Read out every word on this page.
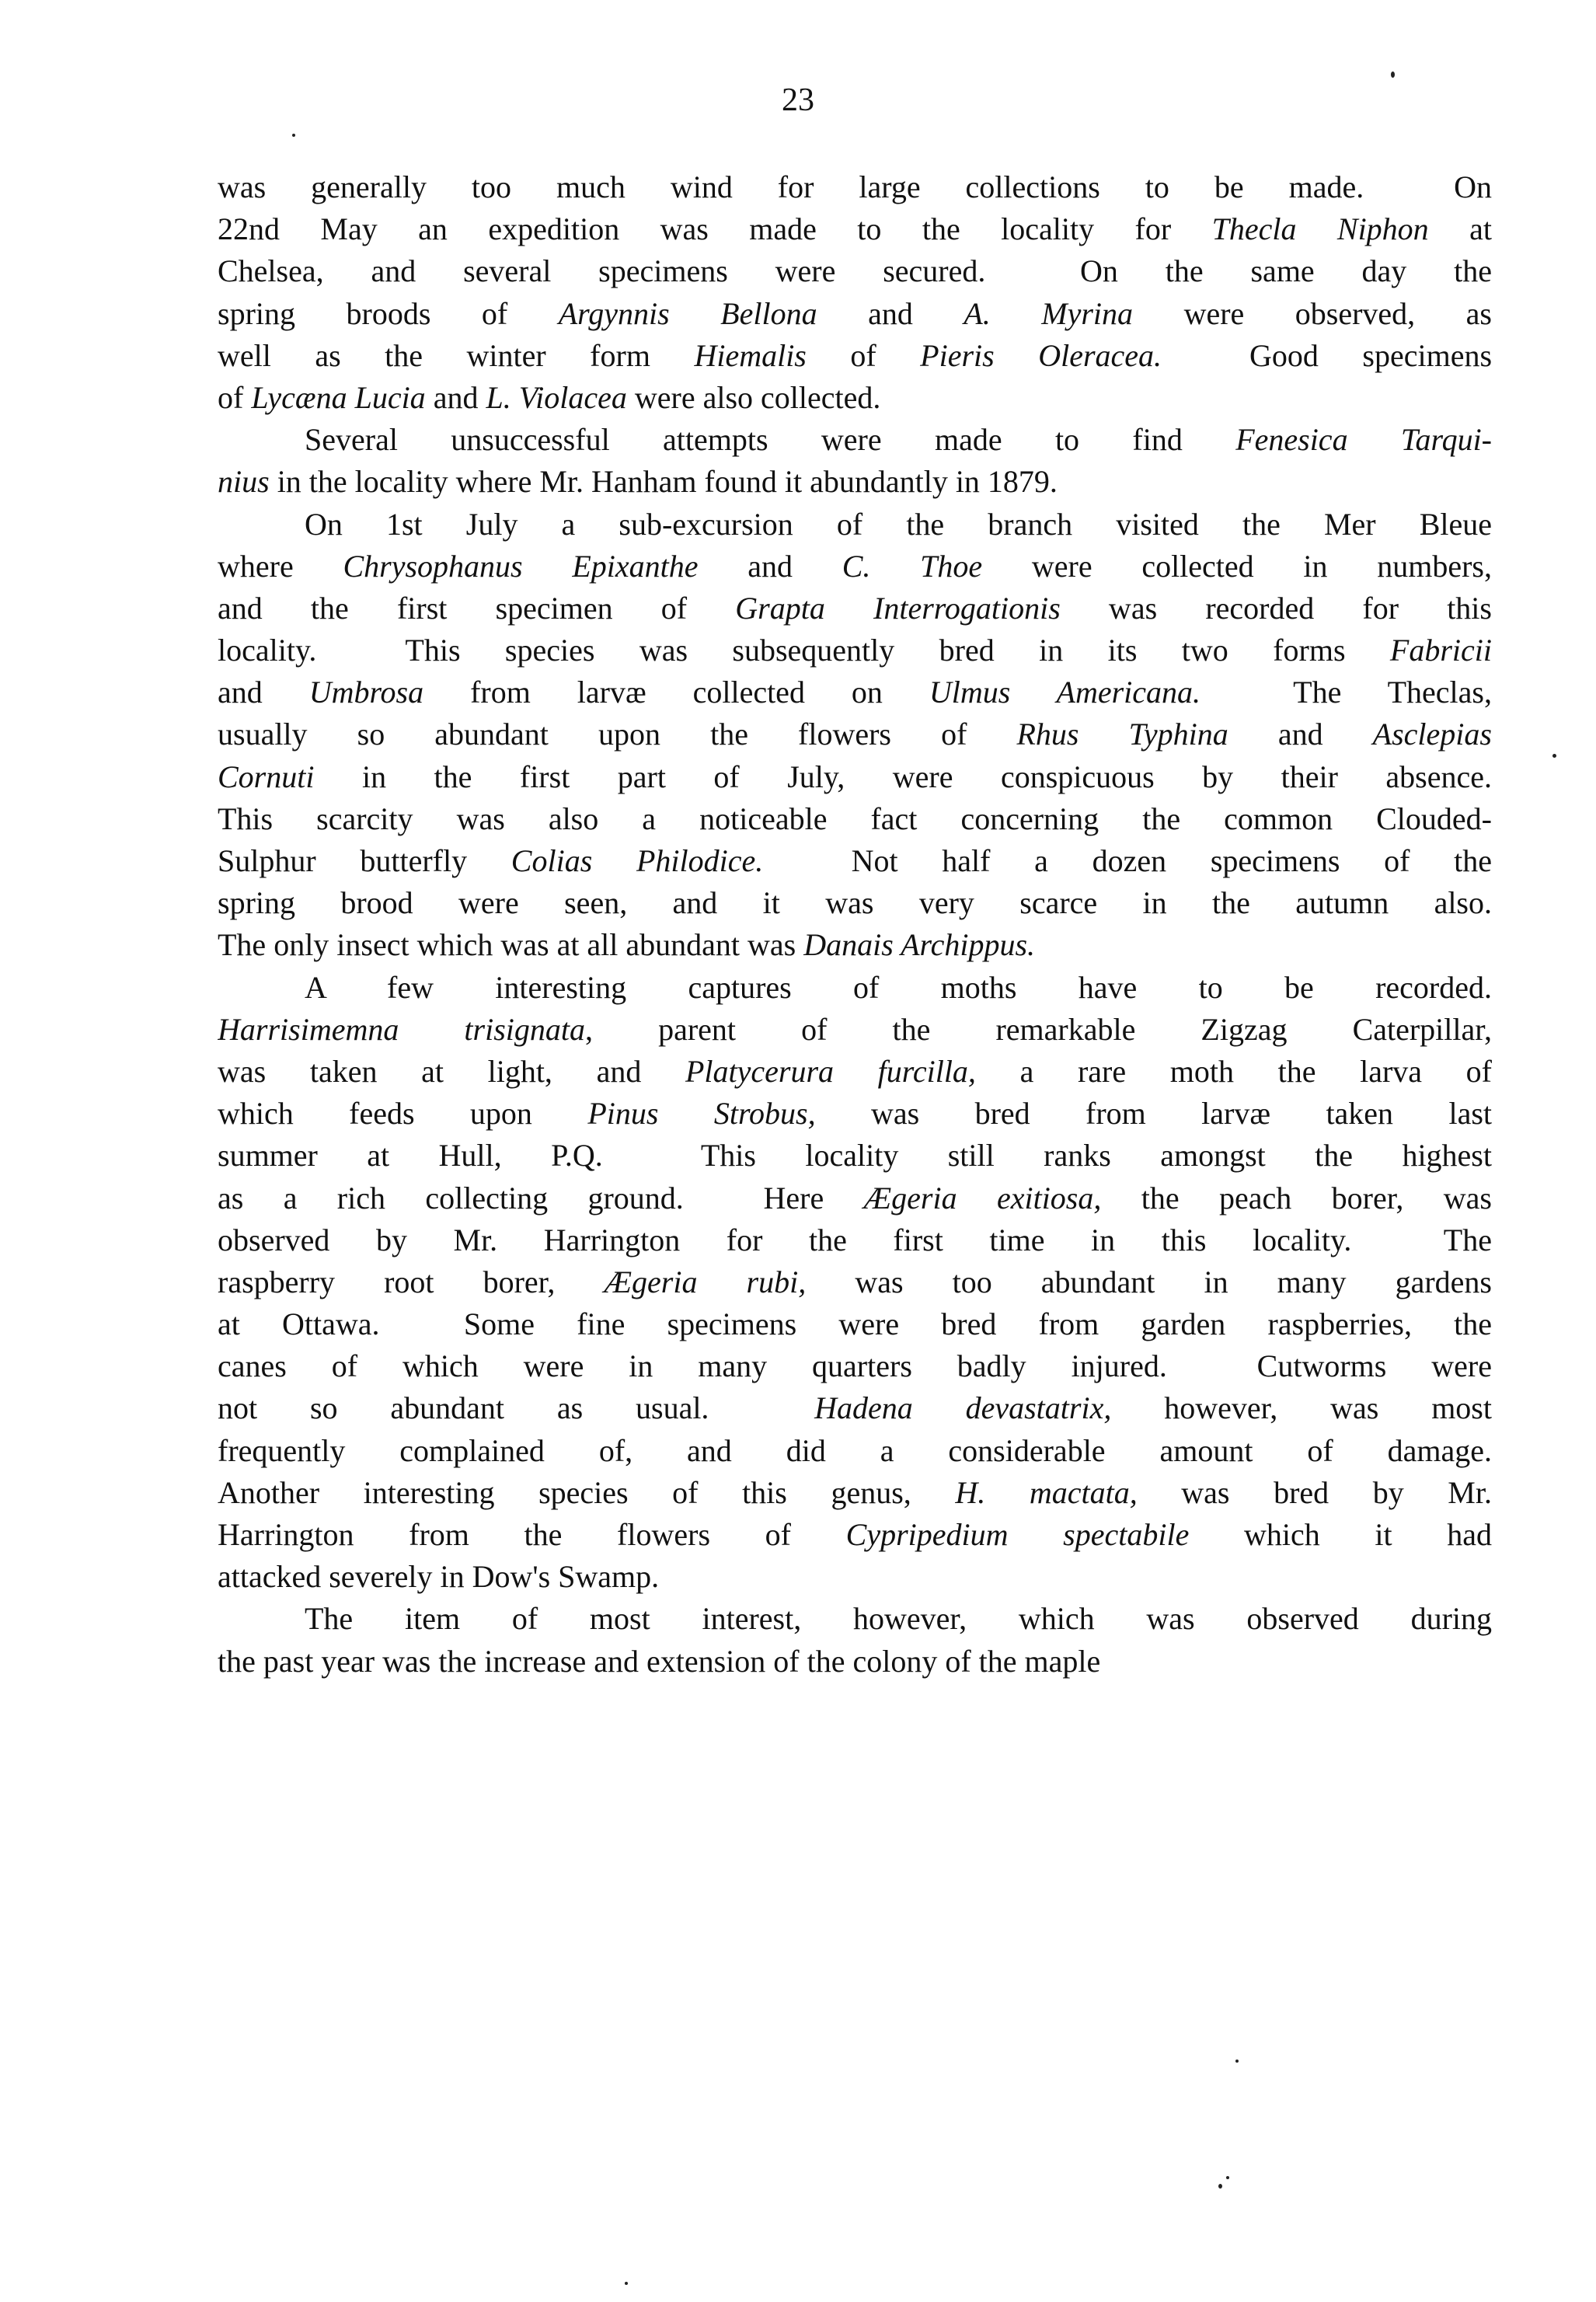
23
was generally too much wind for large collections to be made.  On
22nd May an expedition was made to the locality for Thecla Niphon at
Chelsea, and several specimens were secured.  On the same day the
spring broods of Argynnis Bellona and A. Myrina were observed, as
well as the winter form Hiemalis of Pieris Oleracea.  Good specimens
of Lycæna Lucia and L. Violacea were also collected.
Several unsuccessful attempts were made to find Fenesica Tarqui-
nius in the locality where Mr. Hanham found it abundantly in 1879.
On 1st July a sub-excursion of the branch visited the Mer Bleue
where Chrysophanus Epixanthe and C. Thoe were collected in numbers,
and the first specimen of Grapta Interrogationis was recorded for this
locality.  This species was subsequently bred in its two forms Fabricii
and Umbrosa from larvæ collected on Ulmus Americana.  The Theclas,
usually so abundant upon the flowers of Rhus Typhina and Asclepias
Cornuti in the first part of July, were conspicuous by their absence.
This scarcity was also a noticeable fact concerning the common Clouded-
Sulphur butterfly Colias Philodice.  Not half a dozen specimens of the
spring brood were seen, and it was very scarce in the autumn also.
The only insect which was at all abundant was Danais Archippus.
A few interesting captures of moths have to be recorded.
Harrisimemna trisignata, parent of the remarkable Zigzag Caterpillar,
was taken at light, and Platycerura furcilla, a rare moth the larva of
which feeds upon Pinus Strobus, was bred from larvæ taken last
summer at Hull, P.Q.  This locality still ranks amongst the highest
as a rich collecting ground.  Here Ægeria exitiosa, the peach borer, was
observed by Mr. Harrington for the first time in this locality.  The
raspberry root borer, Ægeria rubi, was too abundant in many gardens
at Ottawa.  Some fine specimens were bred from garden raspberries, the
canes of which were in many quarters badly injured.  Cutworms were
not so abundant as usual.  Hadena devastatrix, however, was most
frequently complained of, and did a considerable amount of damage.
Another interesting species of this genus, H. mactata, was bred by Mr.
Harrington from the flowers of Cypripedium spectabile which it had
attacked severely in Dow's Swamp.
The item of most interest, however, which was observed during
the past year was the increase and extension of the colony of the maple
